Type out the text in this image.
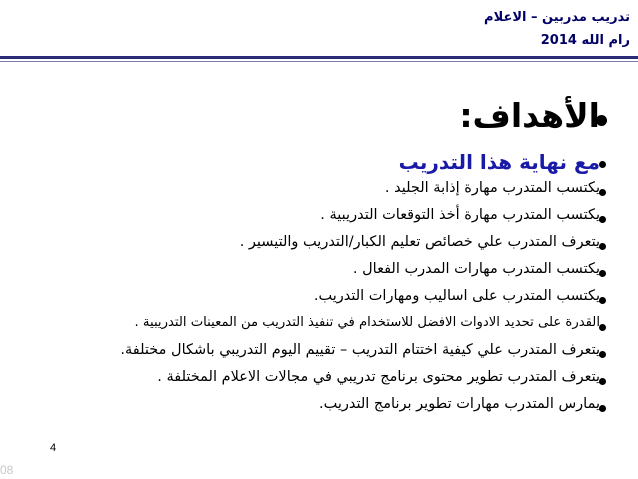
تدريب مدربين – الاعلام
رام الله 2014
الأهداف:
مع نهاية هذا التدريب
يكتسب المتدرب مهارة إذابة الجليد .
يكتسب المتدرب مهارة أخذ التوقعات التدريبية .
يتعرف المتدرب علي خصائص تعليم الكبار/التدريب والتيسير .
يكتسب المتدرب مهارات المدرب الفعال .
يكتسب المتدرب على اساليب ومهارات التدريب.
القدرة على تحديد الادوات الافضل للاستخدام في تنفيذ التدريب من المعينات التدريبية .
يتعرف المتدرب علي كيفية اختتام التدريب – تقييم اليوم التدريبي باشكال مختلفة.
يتعرف المتدرب تطوير محتوى برنامج تدريبي في مجالات الاعلام المختلفة .
يمارس المتدرب مهارات تطوير برنامج التدريب.
4
08
